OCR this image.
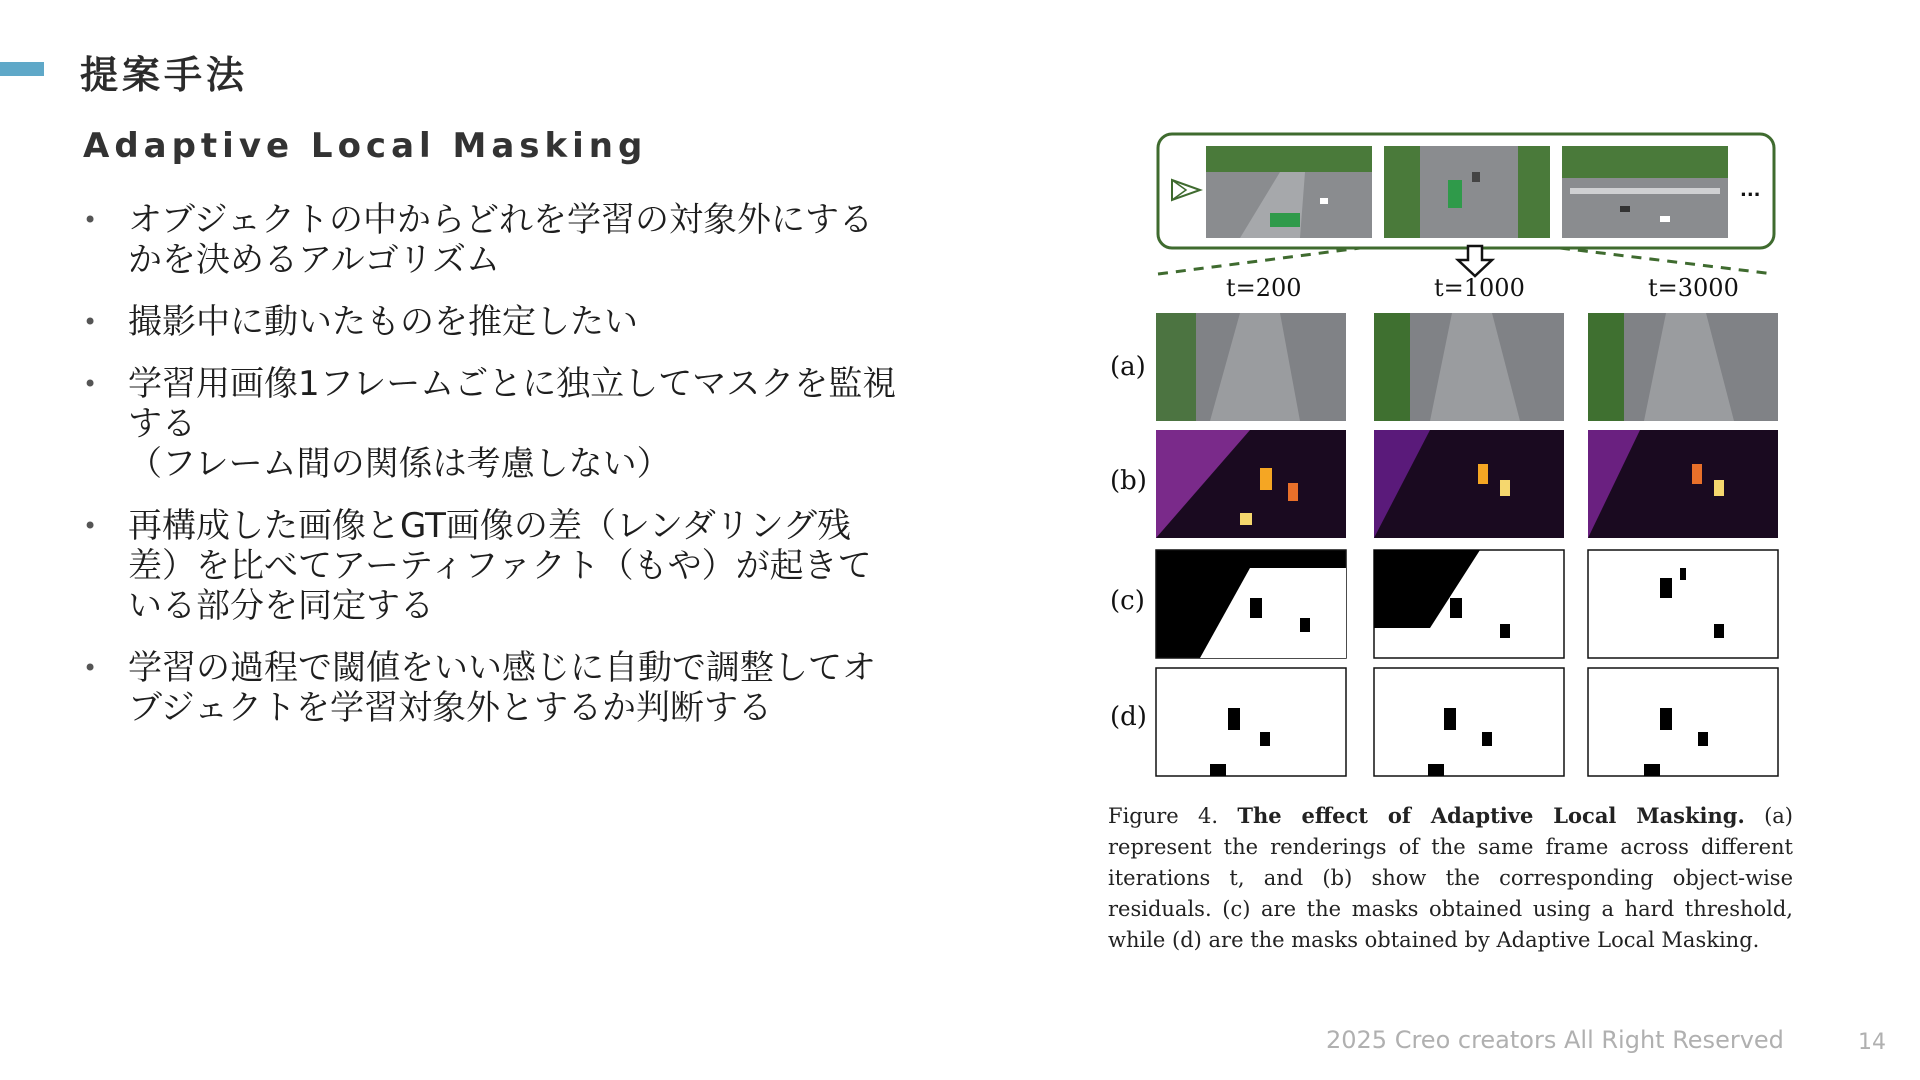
提案手法
Adaptive Local Masking
• オブジェクトの中からどれを学習の対象外にする
かを決めるアルゴリズム
• 撮影中に動いたものを推定したい
• 学習用画像1フレームごとに独立してマスクを監視
する
（フレーム間の関係は考慮しない）
• 再構成した画像とGT画像の差（レンダリング残
差）を比べてアーティファクト（もや）が起きて
いる部分を同定する
• 学習の過程で閾値をいい感じに自動で調整してオ
ブジェクトを学習対象外とするか判断する
...
t=200	t=1000	t=3000
(a)
(b)
(c)
(d)
Figure 4. The effect of Adaptive Local Masking. (a) represent the renderings of the same frame across different iterations t, and (b) show the corresponding object-wise residuals. (c) are the masks obtained using a hard threshold, while (d) are the masks obtained by Adaptive Local Masking.
2025 Creo creators All Right Reserved	14
